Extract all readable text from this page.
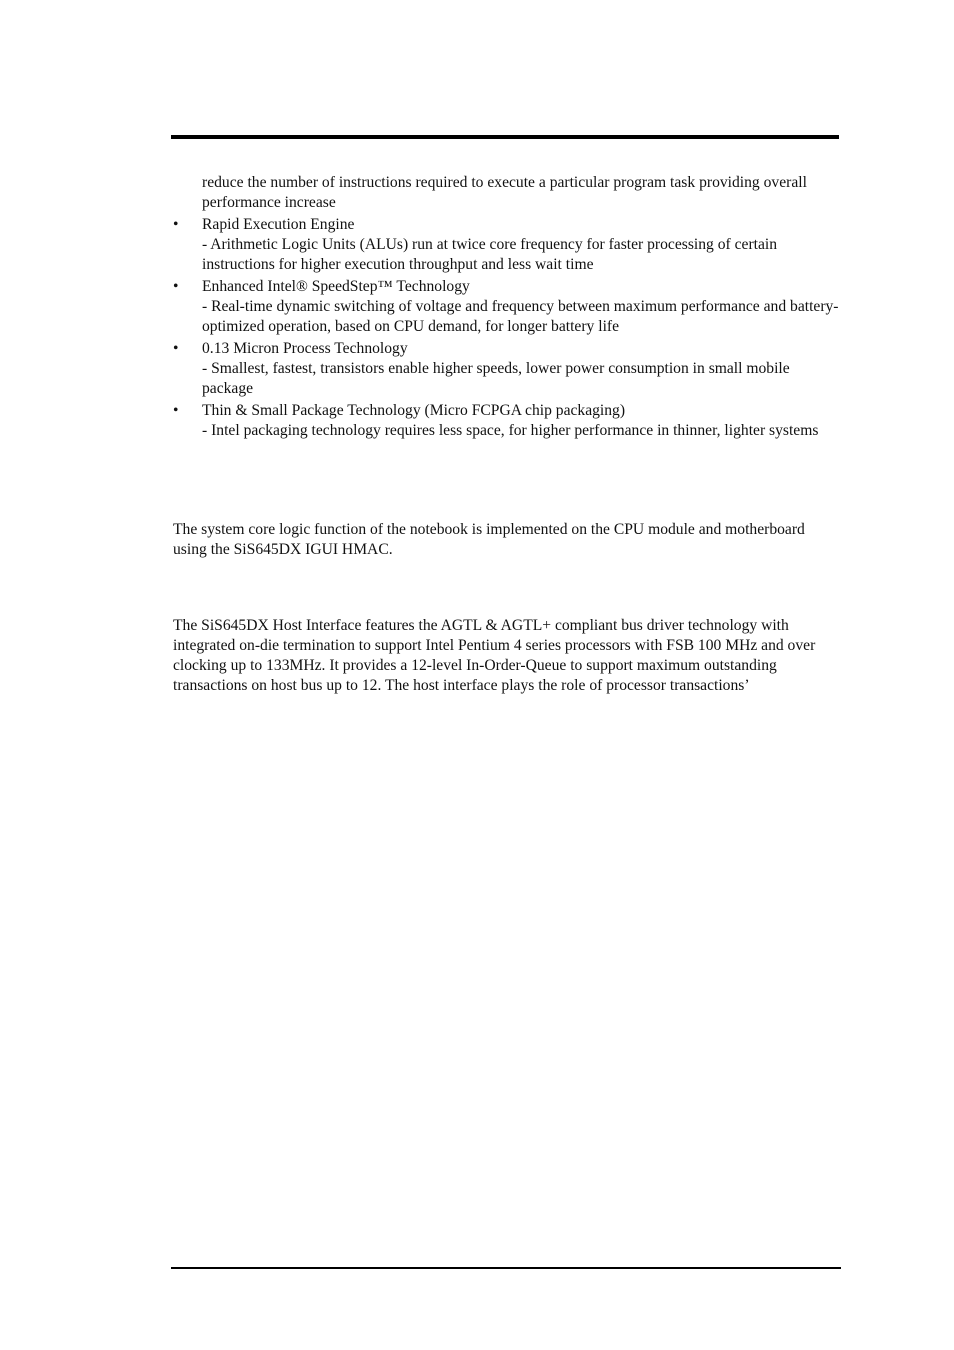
reduce the number of instructions required to execute a particular program task providing overall performance increase

• Rapid Execution Engine
- Arithmetic Logic Units (ALUs) run at twice core frequency for faster processing of certain instructions for higher execution throughput and less wait time
• Enhanced Intel® SpeedStep™ Technology
- Real-time dynamic switching of voltage and frequency between maximum performance and battery-optimized operation, based on CPU demand, for longer battery life
• 0.13 Micron Process Technology
- Smallest, fastest, transistors enable higher speeds, lower power consumption in small mobile package
• Thin & Small Package Technology (Micro FCPGA chip packaging)
- Intel packaging technology requires less space, for higher performance in thinner, lighter systems

The system core logic function of the notebook is implemented on the CPU module and motherboard using the SiS645DX IGUI HMAC.

The SiS645DX Host Interface features the AGTL & AGTL+ compliant bus driver technology with integrated on-die termination to support Intel Pentium 4 series processors with FSB 100 MHz and over clocking up to 133MHz. It provides a 12-level In-Order-Queue to support maximum outstanding transactions on host bus up to 12. The host interface plays the role of processor transactions’
